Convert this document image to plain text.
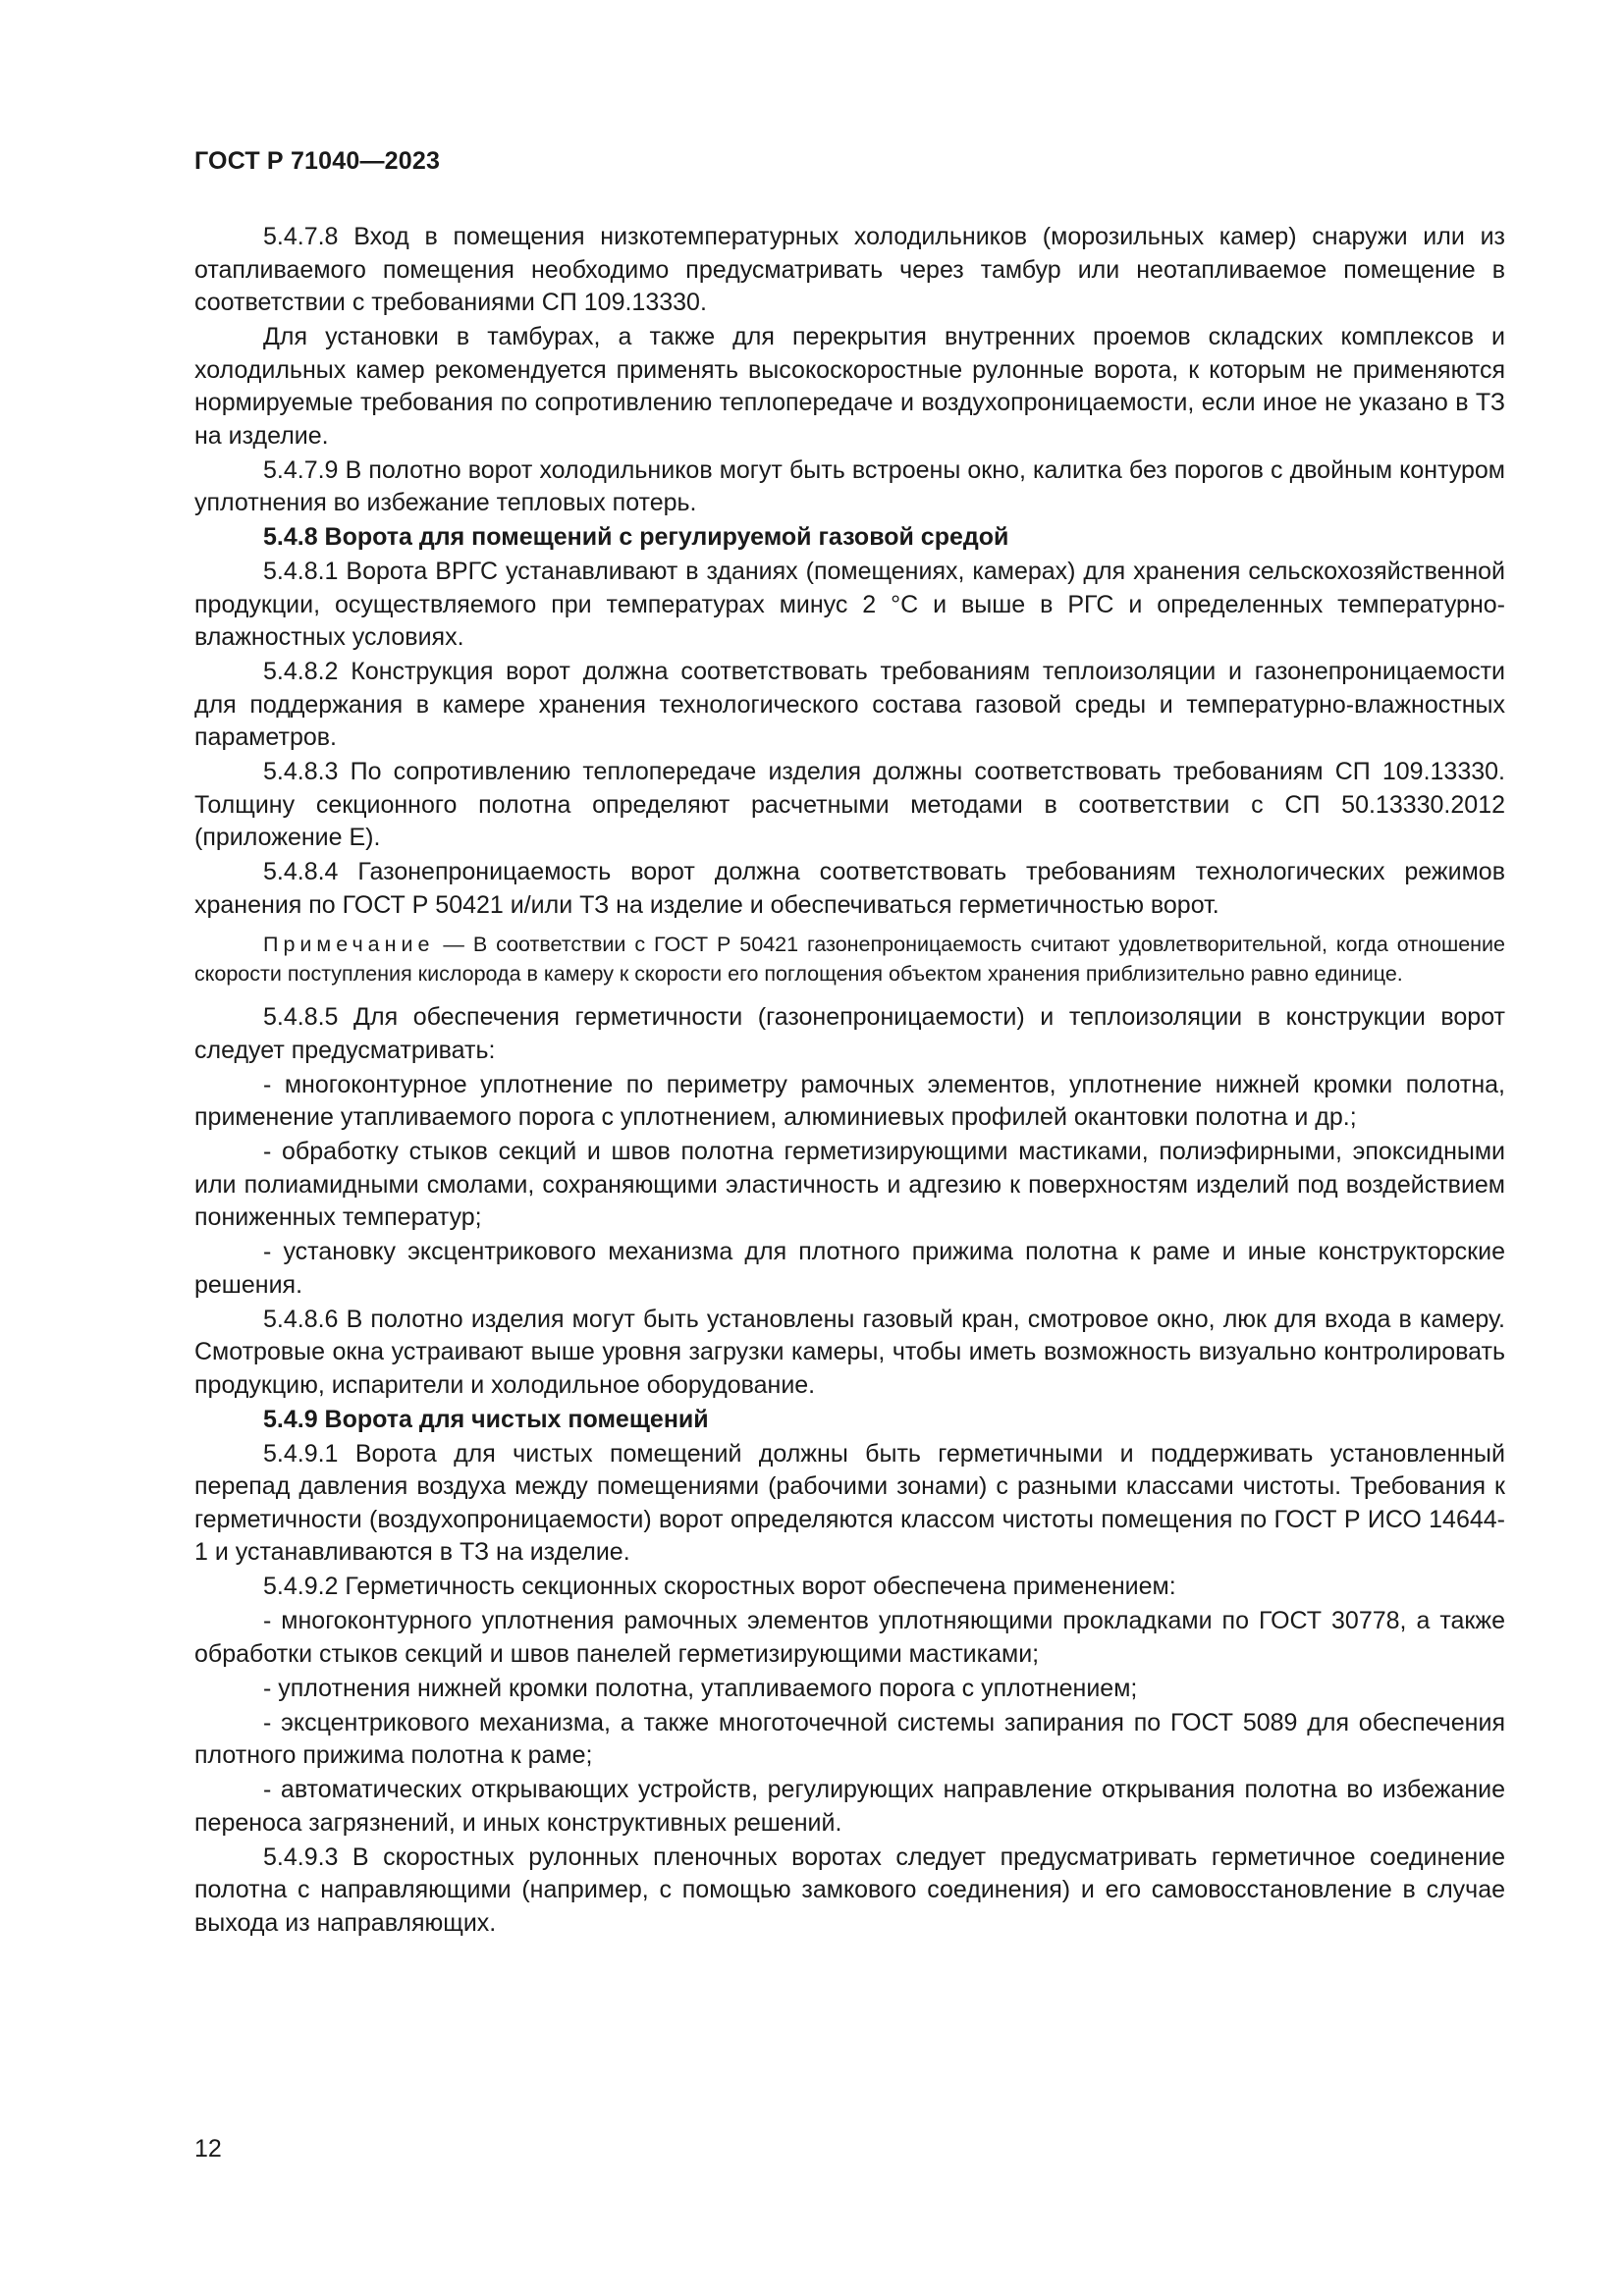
ГОСТ Р 71040—2023

5.4.7.8 Вход в помещения низкотемпературных холодильников (морозильных камер) снаружи или из отапливаемого помещения необходимо предусматривать через тамбур или неотапливаемое помещение в соответствии с требованиями СП 109.13330.

Для установки в тамбурах, а также для перекрытия внутренних проемов складских комплексов и холодильных камер рекомендуется применять высокоскоростные рулонные ворота, к которым не применяются нормируемые требования по сопротивлению теплопередаче и воздухопроницаемости, если иное не указано в ТЗ на изделие.

5.4.7.9 В полотно ворот холодильников могут быть встроены окно, калитка без порогов с двойным контуром уплотнения во избежание тепловых потерь.

5.4.8 Ворота для помещений с регулируемой газовой средой

5.4.8.1 Ворота ВРГС устанавливают в зданиях (помещениях, камерах) для хранения сельскохозяйственной продукции, осуществляемого при температурах минус 2 °С и выше в РГС и определенных температурно-влажностных условиях.

5.4.8.2 Конструкция ворот должна соответствовать требованиям теплоизоляции и газонепроницаемости для поддержания в камере хранения технологического состава газовой среды и температурно-влажностных параметров.

5.4.8.3 По сопротивлению теплопередаче изделия должны соответствовать требованиям СП 109.13330. Толщину секционного полотна определяют расчетными методами в соответствии с СП 50.13330.2012 (приложение Е).

5.4.8.4 Газонепроницаемость ворот должна соответствовать требованиям технологических режимов хранения по ГОСТ Р 50421 и/или ТЗ на изделие и обеспечиваться герметичностью ворот.

Примечание — В соответствии с ГОСТ Р 50421 газонепроницаемость считают удовлетворительной, когда отношение скорости поступления кислорода в камеру к скорости его поглощения объектом хранения приблизительно равно единице.

5.4.8.5 Для обеспечения герметичности (газонепроницаемости) и теплоизоляции в конструкции ворот следует предусматривать:

- многоконтурное уплотнение по периметру рамочных элементов, уплотнение нижней кромки полотна, применение утапливаемого порога с уплотнением, алюминиевых профилей окантовки полотна и др.;

- обработку стыков секций и швов полотна герметизирующими мастиками, полиэфирными, эпоксидными или полиамидными смолами, сохраняющими эластичность и адгезию к поверхностям изделий под воздействием пониженных температур;

- установку эксцентрикового механизма для плотного прижима полотна к раме и иные конструкторские решения.

5.4.8.6 В полотно изделия могут быть установлены газовый кран, смотровое окно, люк для входа в камеру. Смотровые окна устраивают выше уровня загрузки камеры, чтобы иметь возможность визуально контролировать продукцию, испарители и холодильное оборудование.

5.4.9 Ворота для чистых помещений

5.4.9.1 Ворота для чистых помещений должны быть герметичными и поддерживать установленный перепад давления воздуха между помещениями (рабочими зонами) с разными классами чистоты. Требования к герметичности (воздухопроницаемости) ворот определяются классом чистоты помещения по ГОСТ Р ИСО 14644-1 и устанавливаются в ТЗ на изделие.

5.4.9.2 Герметичность секционных скоростных ворот обеспечена применением:

- многоконтурного уплотнения рамочных элементов уплотняющими прокладками по ГОСТ 30778, а также обработки стыков секций и швов панелей герметизирующими мастиками;

- уплотнения нижней кромки полотна, утапливаемого порога с уплотнением;

- эксцентрикового механизма, а также многоточечной системы запирания по ГОСТ 5089 для обеспечения плотного прижима полотна к раме;

- автоматических открывающих устройств, регулирующих направление открывания полотна во избежание переноса загрязнений, и иных конструктивных решений.

5.4.9.3 В скоростных рулонных пленочных воротах следует предусматривать герметичное соединение полотна с направляющими (например, с помощью замкового соединения) и его самовосстановление в случае выхода из направляющих.

12
